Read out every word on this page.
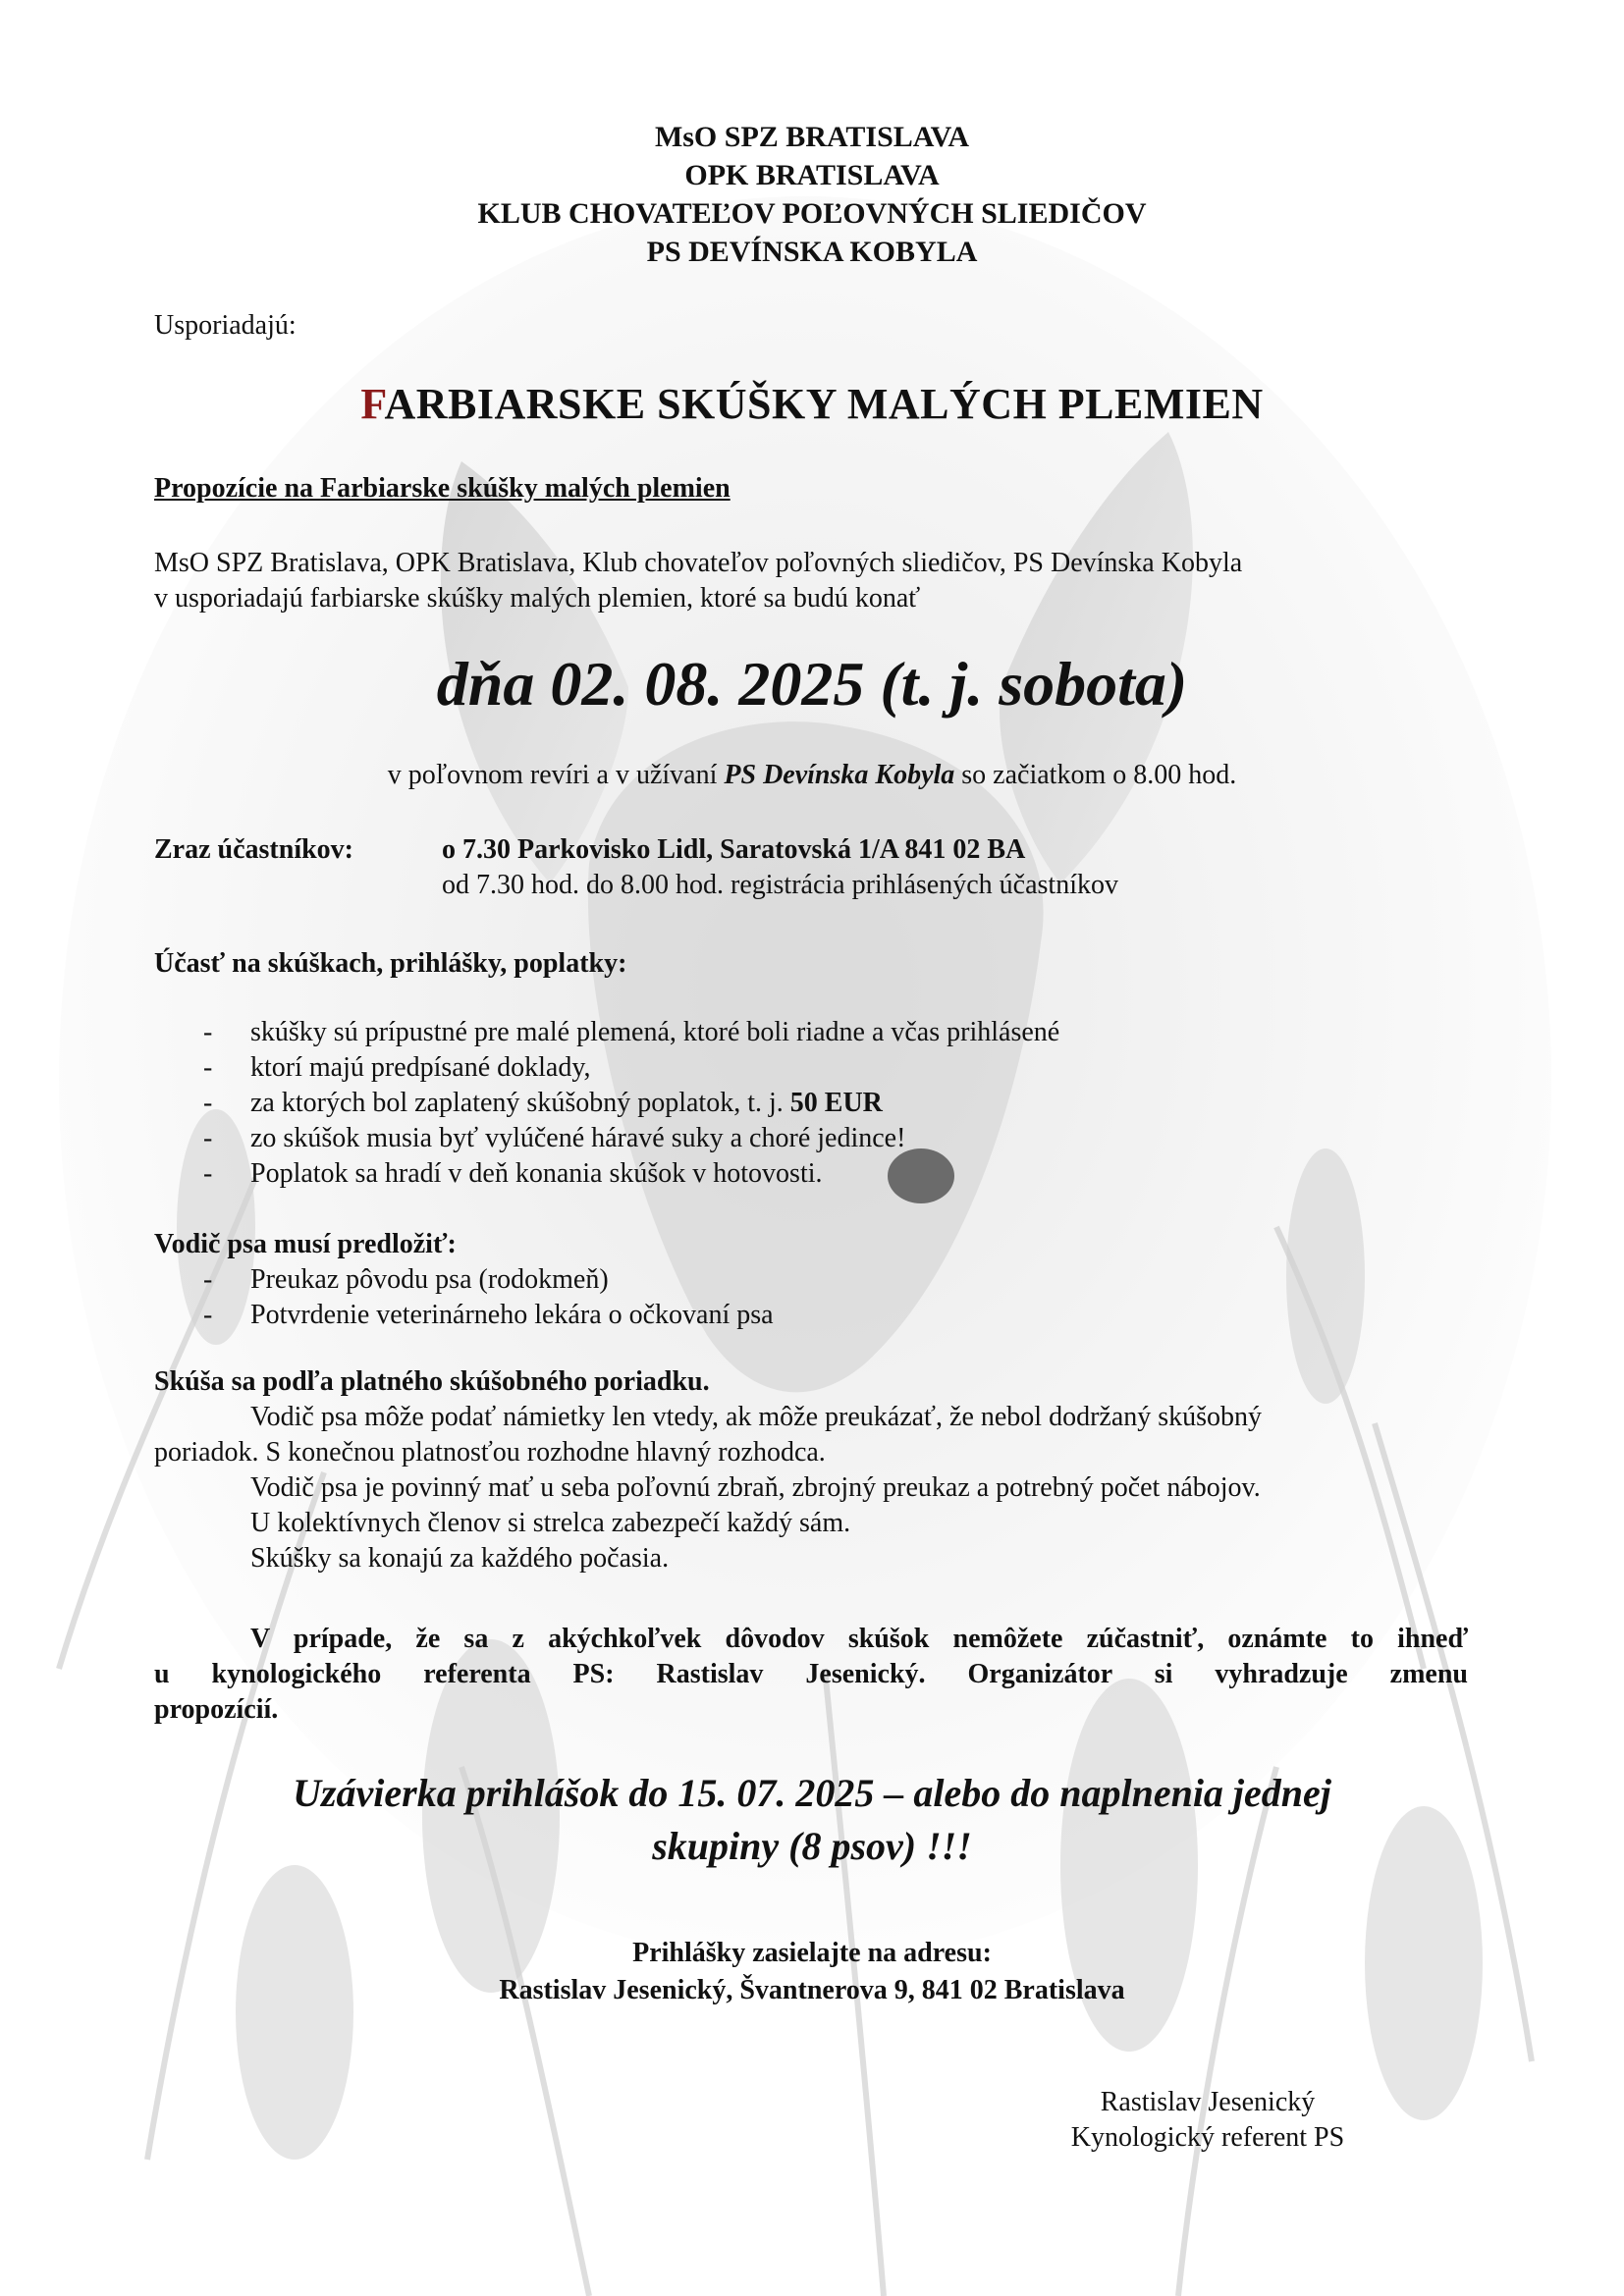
MsO SPZ BRATISLAVA
OPK BRATISLAVA
KLUB CHOVATEĽOV POĽOVNÝCH SLIEDIČOV
PS DEVÍNSKA KOBYLA
Usporiadajú:
FARBIARSKE SKÚŠKY MALÝCH PLEMIEN
Propozície na Farbiarske skúšky malých plemien
MsO SPZ Bratislava, OPK Bratislava, Klub chovateľov poľovných sliedičov, PS Devínska Kobyla
v usporiadajú farbiarske skúšky malých plemien, ktoré sa budú konať
dňa 02. 08. 2025 (t. j. sobota)
v poľovnom revíri a v užívaní PS Devínska Kobyla so začiatkom o 8.00 hod.
Zraz účastníkov:	o 7.30 Parkovisko Lidl, Saratovská 1/A 841 02 BA
od 7.30 hod. do 8.00 hod. registrácia prihlásených účastníkov
Účasť na skúškach, prihlášky, poplatky:
- skúšky sú prípustné pre malé plemená, ktoré boli riadne a včas prihlásené
- ktorí majú predpísané doklady,
- za ktorých bol zaplatený skúšobný poplatok, t. j. 50 EUR
- zo skúšok musia byť vylúčené háravé suky a choré jedince!
- Poplatok sa hradí v deň konania skúšok v hotovosti.
Vodič psa musí predložiť:
- Preukaz pôvodu psa (rodokmeň)
- Potvrdenie veterinárneho lekára o očkovaní psa
Skúša sa podľa platného skúšobného poriadku.
Vodič psa môže podať námietky len vtedy, ak môže preukázať, že nebol dodržaný skúšobný
poriadok. S konečnou platnosťou rozhodne hlavný rozhodca.
Vodič psa je povinný mať u seba poľovnú zbraň, zbrojný preukaz a potrebný počet nábojov.
U kolektívnych členov si strelca zabezpečí každý sám.
Skúšky sa konajú za každého počasia.
V prípade, že sa z akýchkoľvek dôvodov skúšok nemôžete zúčastniť, oznámte to ihneď
u kynologického referenta PS: Rastislav Jesenický. Organizátor si vyhradzuje zmenu
propozícií.
Uzávierka prihlášok do 15. 07. 2025 – alebo do naplnenia jednej
skupiny (8 psov) !!!
Prihlášky zasielajte na adresu:
Rastislav Jesenický, Švantnerova 9, 841 02 Bratislava
Rastislav Jesenický
Kynologický referent PS
